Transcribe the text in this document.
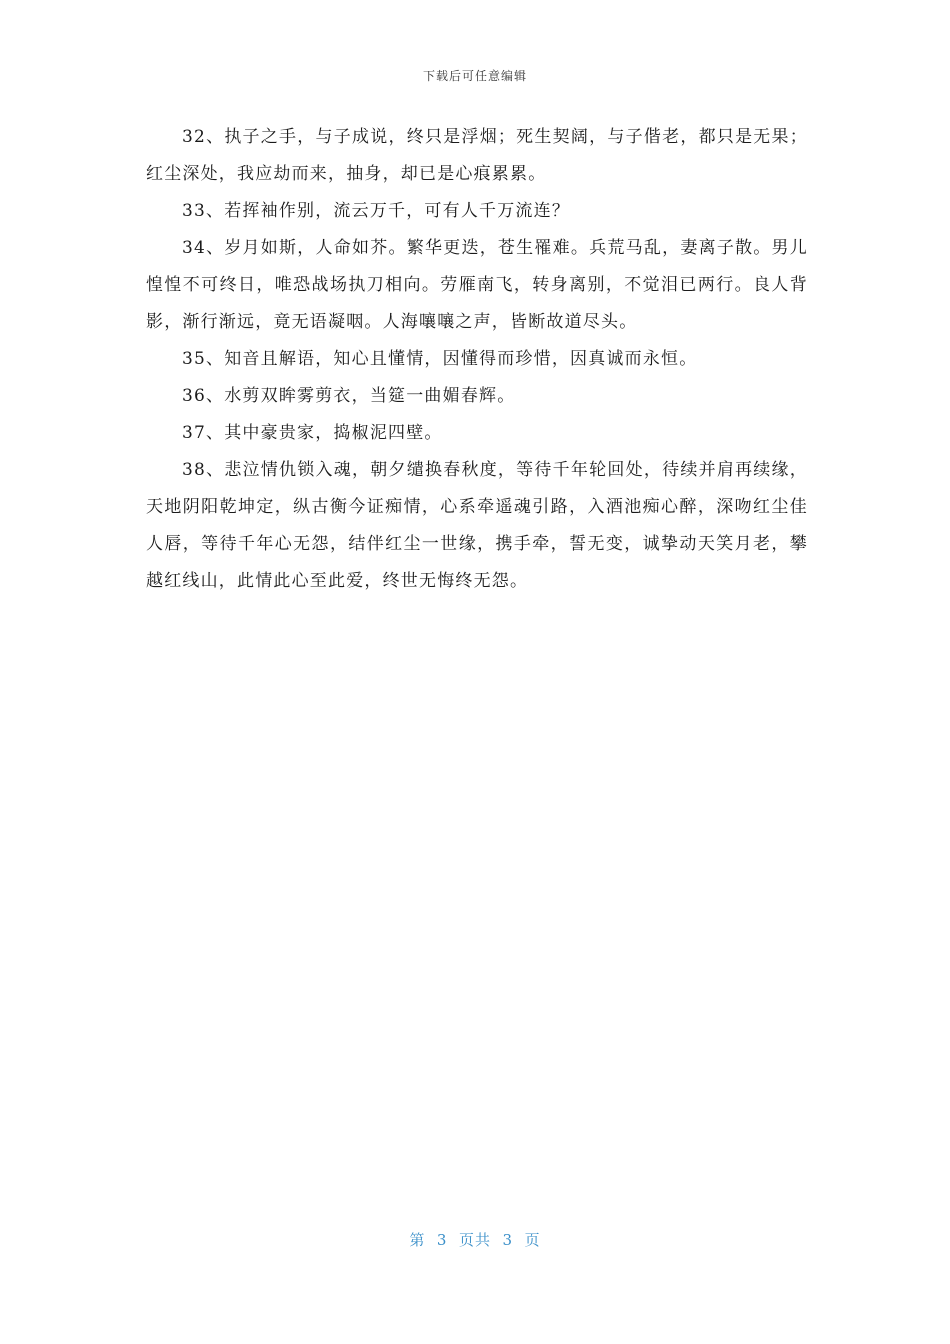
下载后可任意编辑

32、执子之手，与子成说，终只是浮烟；死生契阔，与子偕老，都只是无果；红尘深处，我应劫而来，抽身，却已是心痕累累。

33、若挥袖作别，流云万千，可有人千万流连？

34、岁月如斯，人命如芥。繁华更迭，苍生罹难。兵荒马乱，妻离子散。男儿惶惶不可终日，唯恐战场执刀相向。劳雁南飞，转身离别，不觉泪已两行。良人背影，渐行渐远，竟无语凝咽。人海嚷嚷之声，皆断故道尽头。

35、知音且解语，知心且懂情，因懂得而珍惜，因真诚而永恒。

36、水剪双眸雾剪衣，当筵一曲媚春辉。

37、其中豪贵家，捣椒泥四壁。

38、悲泣情仇锁入魂，朝夕缱换春秋度，等待千年轮回处，待续并肩再续缘，天地阴阳乾坤定，纵古衡今证痴情，心系牵遥魂引路，入酒池痴心醉，深吻红尘佳人唇，等待千年心无怨，结伴红尘一世缘，携手牵，誓无变，诚挚动天笑月老，攀越红线山，此情此心至此爱，终世无悔终无怨。

第  3  页共  3  页
